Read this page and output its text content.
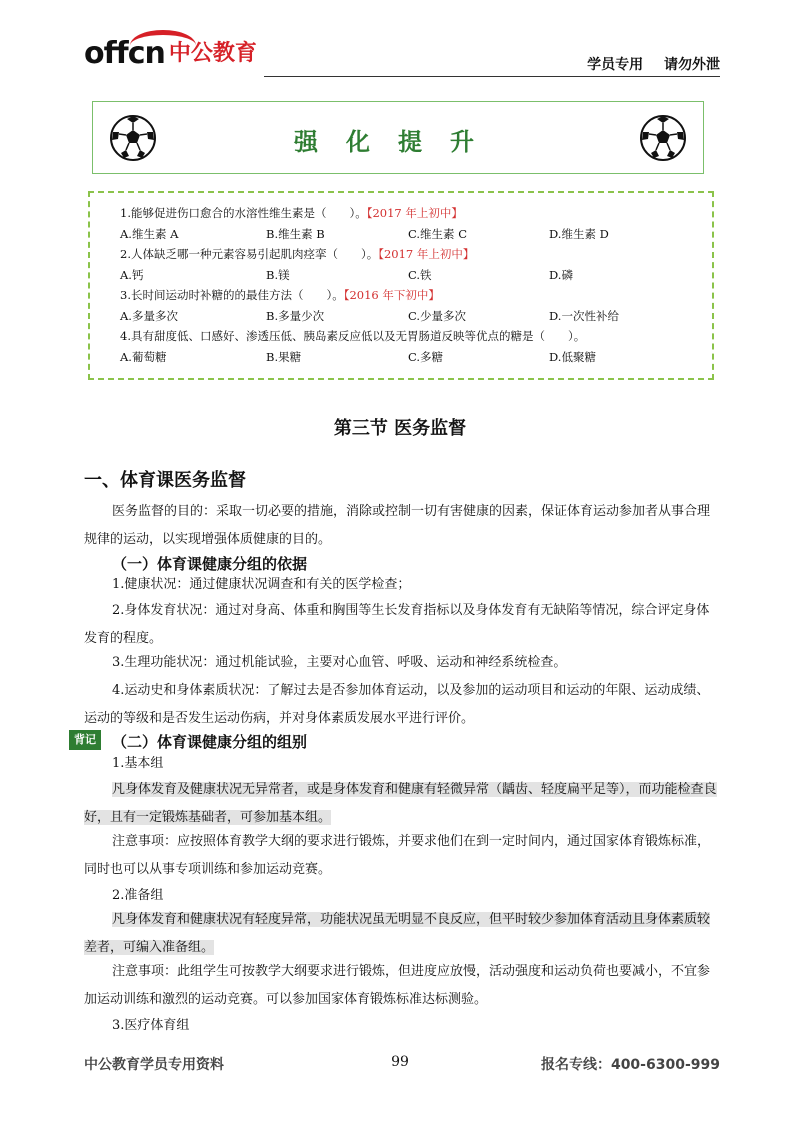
offcn 中公教育	学员专用 请勿外泄
强化提升
1.能够促进伤口愈合的水溶性维生素是（　　）。【2017 年上初中】
A.维生素 A	B.维生素 B	C.维生素 C	D.维生素 D
2.人体缺乏哪一种元素容易引起肌肉痉挛（　　）。【2017 年上初中】
A.钙	B.镁	C.铁	D.磷
3.长时间运动时补糖的的最佳方法（　　）。【2016 年下初中】
A.多量多次	B.多量少次	C.少量多次	D.一次性补给
4.具有甜度低、口感好、渗透压低、胰岛素反应低以及无胃肠道反映等优点的糖是（　　）。
A.葡萄糖	B.果糖	C.多糖	D.低聚糖
第三节 医务监督
一、体育课医务监督
医务监督的目的：采取一切必要的措施，消除或控制一切有害健康的因素，保证体育运动参加者从事合理规律的运动，以实现增强体质健康的目的。
（一）体育课健康分组的依据
1.健康状况：通过健康状况调查和有关的医学检查；
2.身体发育状况：通过对身高、体重和胸围等生长发育指标以及身体发育有无缺陷等情况，综合评定身体发育的程度。
3.生理功能状况：通过机能试验，主要对心血管、呼吸、运动和神经系统检查。
4.运动史和身体素质状况：了解过去是否参加体育运动，以及参加的运动项目和运动的年限、运动成绩、运动的等级和是否发生运动伤病，并对身体素质发展水平进行评价。
背记	（二）体育课健康分组的组别
1.基本组
凡身体发育及健康状况无异常者，或是身体发育和健康有轻微异常（龋齿、轻度扁平足等），而功能检查良好，且有一定锻炼基础者，可参加基本组。
注意事项：应按照体育教学大纲的要求进行锻炼，并要求他们在到一定时间内，通过国家体育锻炼标准，同时也可以从事专项训练和参加运动竞赛。
2.准备组
凡身体发育和健康状况有轻度异常，功能状况虽无明显不良反应，但平时较少参加体育活动且身体素质较差者，可编入准备组。
注意事项：此组学生可按教学大纲要求进行锻炼，但进度应放慢，活动强度和运动负荷也要减小，不宜参加运动训练和激烈的运动竞赛。可以参加国家体育锻炼标准达标测验。
3.医疗体育组
中公教育学员专用资料	99	报名专线：400-6300-999
